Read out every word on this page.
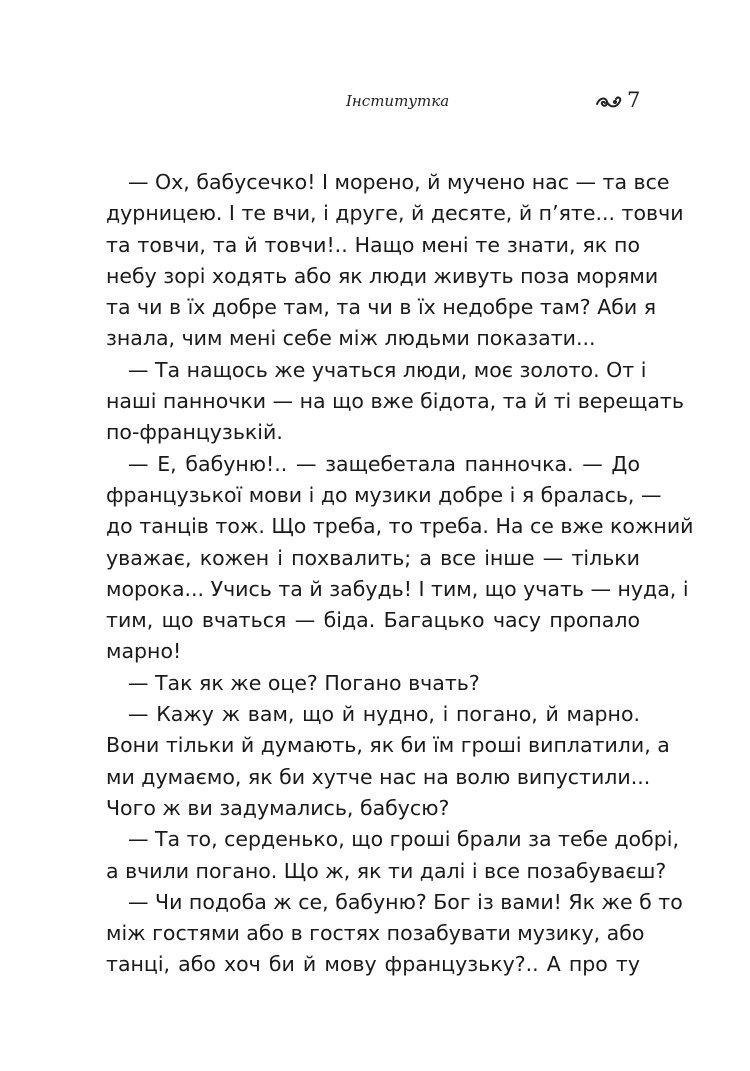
Інститутка	7
— Ох, бабусечко! І морено, й мучено нас — та все
дурницею. І те вчи, і друге, й десяте, й п’яте... товчи
та товчи, та й товчи!.. Нащо мені те знати, як по
небу зорі ходять або як люди живуть поза морями
та чи в їх добре там, та чи в їх недобре там? Аби я
знала, чим мені себе між людьми показати...
— Та нащось же учаться люди, моє золото. От і
наші панночки — на що вже бідота, та й ті верещать
по-французькій.
— Е, бабуню!.. — защебетала панночка. — До
французької мови і до музики добре і я бралась, —
до танців тож. Що треба, то треба. На се вже кожний
уважає, кожен і похвалить; а все інше — тільки
морока... Учись та й забудь! І тим, що учать — нуда, і
тим, що вчаться — біда. Багацько часу пропало
марно!
— Так як же оце? Погано вчать?
— Кажу ж вам, що й нудно, і погано, й марно.
Вони тільки й думають, як би їм гроші виплатили, а
ми думаємо, як би хутче нас на волю випустили...
Чого ж ви задумались, бабусю?
— Та то, серденько, що гроші брали за тебе добрі,
а вчили погано. Що ж, як ти далі і все позабуваєш?
— Чи подоба ж се, бабуню? Бог із вами! Як же б то
між гостями або в гостях позабувати музику, або
танці, або хоч би й мову французьку?.. А про ту
